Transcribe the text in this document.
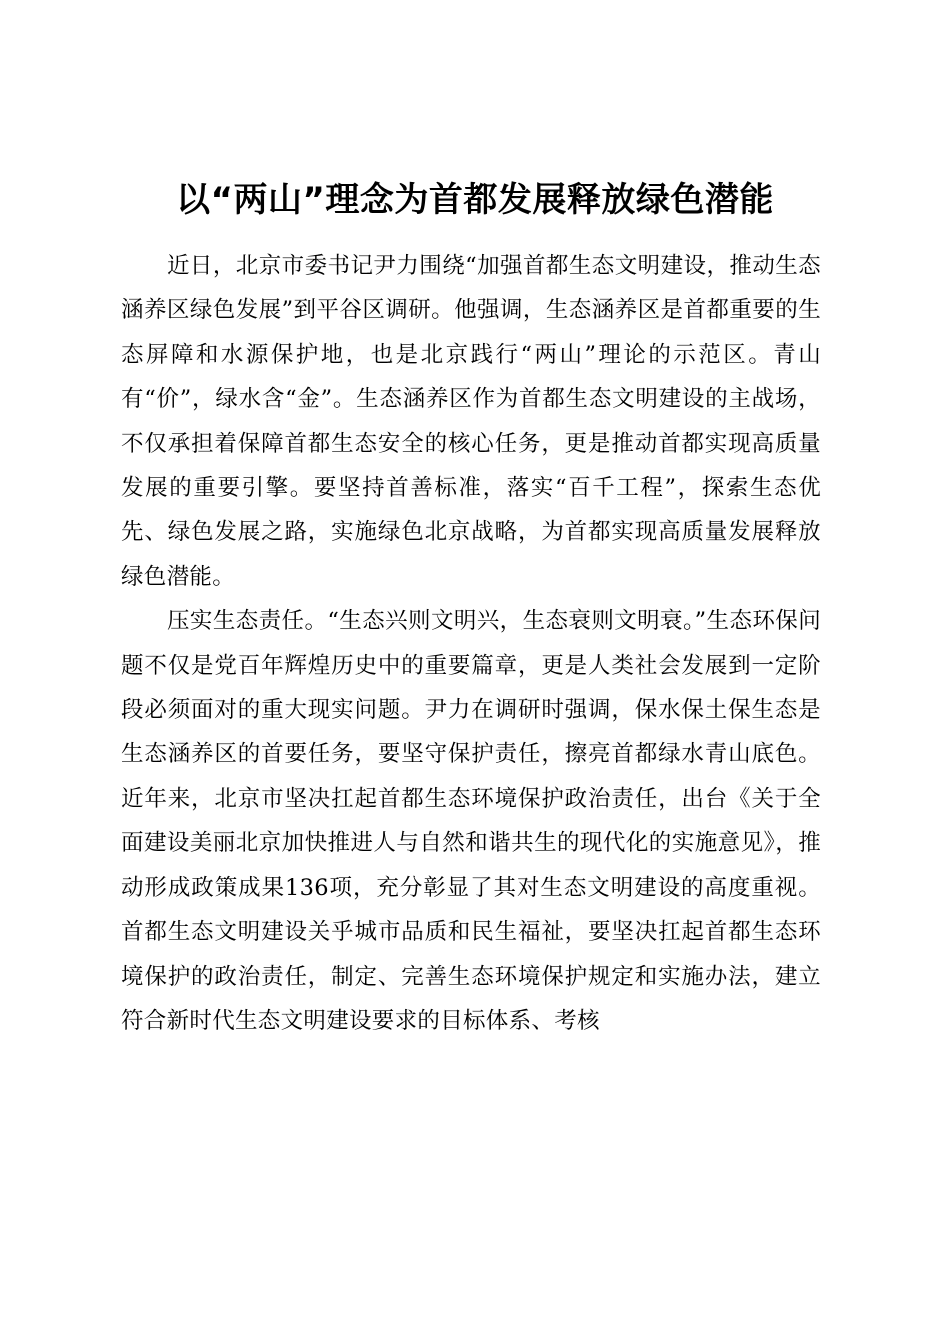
以“两山”理念为首都发展释放绿色潜能

近日，北京市委书记尹力围绕“加强首都生态文明建设，推动生态涵养区绿色发展”到平谷区调研。他强调，生态涵养区是首都重要的生态屏障和水源保护地，也是北京践行“两山”理论的示范区。青山有“价”，绿水含“金”。生态涵养区作为首都生态文明建设的主战场，不仅承担着保障首都生态安全的核心任务，更是推动首都实现高质量发展的重要引擎。要坚持首善标准，落实“百千工程”，探索生态优先、绿色发展之路，实施绿色北京战略，为首都实现高质量发展释放绿色潜能。

压实生态责任。“生态兴则文明兴，生态衰则文明衰。”生态环保问题不仅是党百年辉煌历史中的重要篇章，更是人类社会发展到一定阶段必须面对的重大现实问题。尹力在调研时强调，保水保土保生态是生态涵养区的首要任务，要坚守保护责任，擦亮首都绿水青山底色。近年来，北京市坚决扛起首都生态环境保护政治责任，出台《关于全面建设美丽北京加快推进人与自然和谐共生的现代化的实施意见》，推动形成政策成果136项，充分彰显了其对生态文明建设的高度重视。首都生态文明建设关乎城市品质和民生福祉，要坚决扛起首都生态环境保护的政治责任，制定、完善生态环境保护规定和实施办法，建立符合新时代生态文明建设要求的目标体系、考核
